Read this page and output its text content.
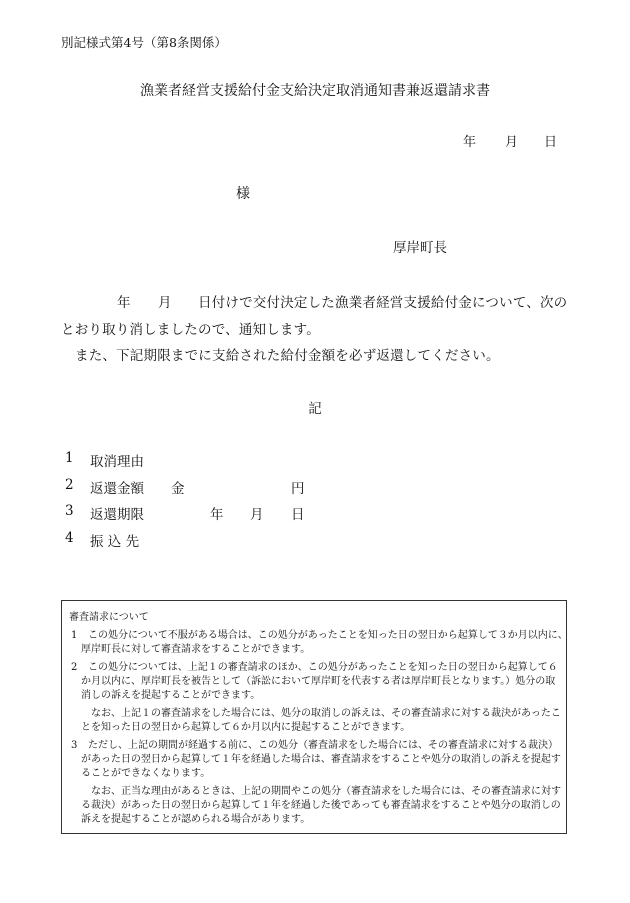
別記様式第4号（第8条関係）
漁業者経営支援給付金支給決定取消通知書兼返還請求書
年 月 日
様
厚岸町長
年 月 日付けで交付決定した漁業者経営支援給付金について、次の
とおり取り消しましたので、通知します。
また、下記期限までに支給された給付金額を必ず返還してください。
記
1 取消理由
2 返還金額 金	円
3 返還期限	年 月 日
4 振 込 先
審査請求について
1 この処分について不服がある場合は、この処分があったことを知った日の翌日から起算して３か月以内に、
厚岸町長に対して審査請求をすることができます。
2 この処分については、上記１の審査請求のほか、この処分があったことを知った日の翌日から起算して６
か月以内に、厚岸町長を被告として（訴訟において厚岸町を代表する者は厚岸町長となります。）処分の取
消しの訴えを提起することができます。
なお、上記１の審査請求をした場合には、処分の取消しの訴えは、その審査請求に対する裁決があったこ
とを知った日の翌日から起算して６か月以内に提起することができます。
3 ただし、上記の期間が経過する前に、この処分（審査請求をした場合には、その審査請求に対する裁決）
があった日の翌日から起算して１年を経過した場合は、審査請求をすることや処分の取消しの訴えを提起す
ることができなくなります。
なお、正当な理由があるときは、上記の期間やこの処分（審査請求をした場合には、その審査請求に対す
る裁決）があった日の翌日から起算して１年を経過した後であっても審査請求をすることや処分の取消しの
訴えを提起することが認められる場合があります。
